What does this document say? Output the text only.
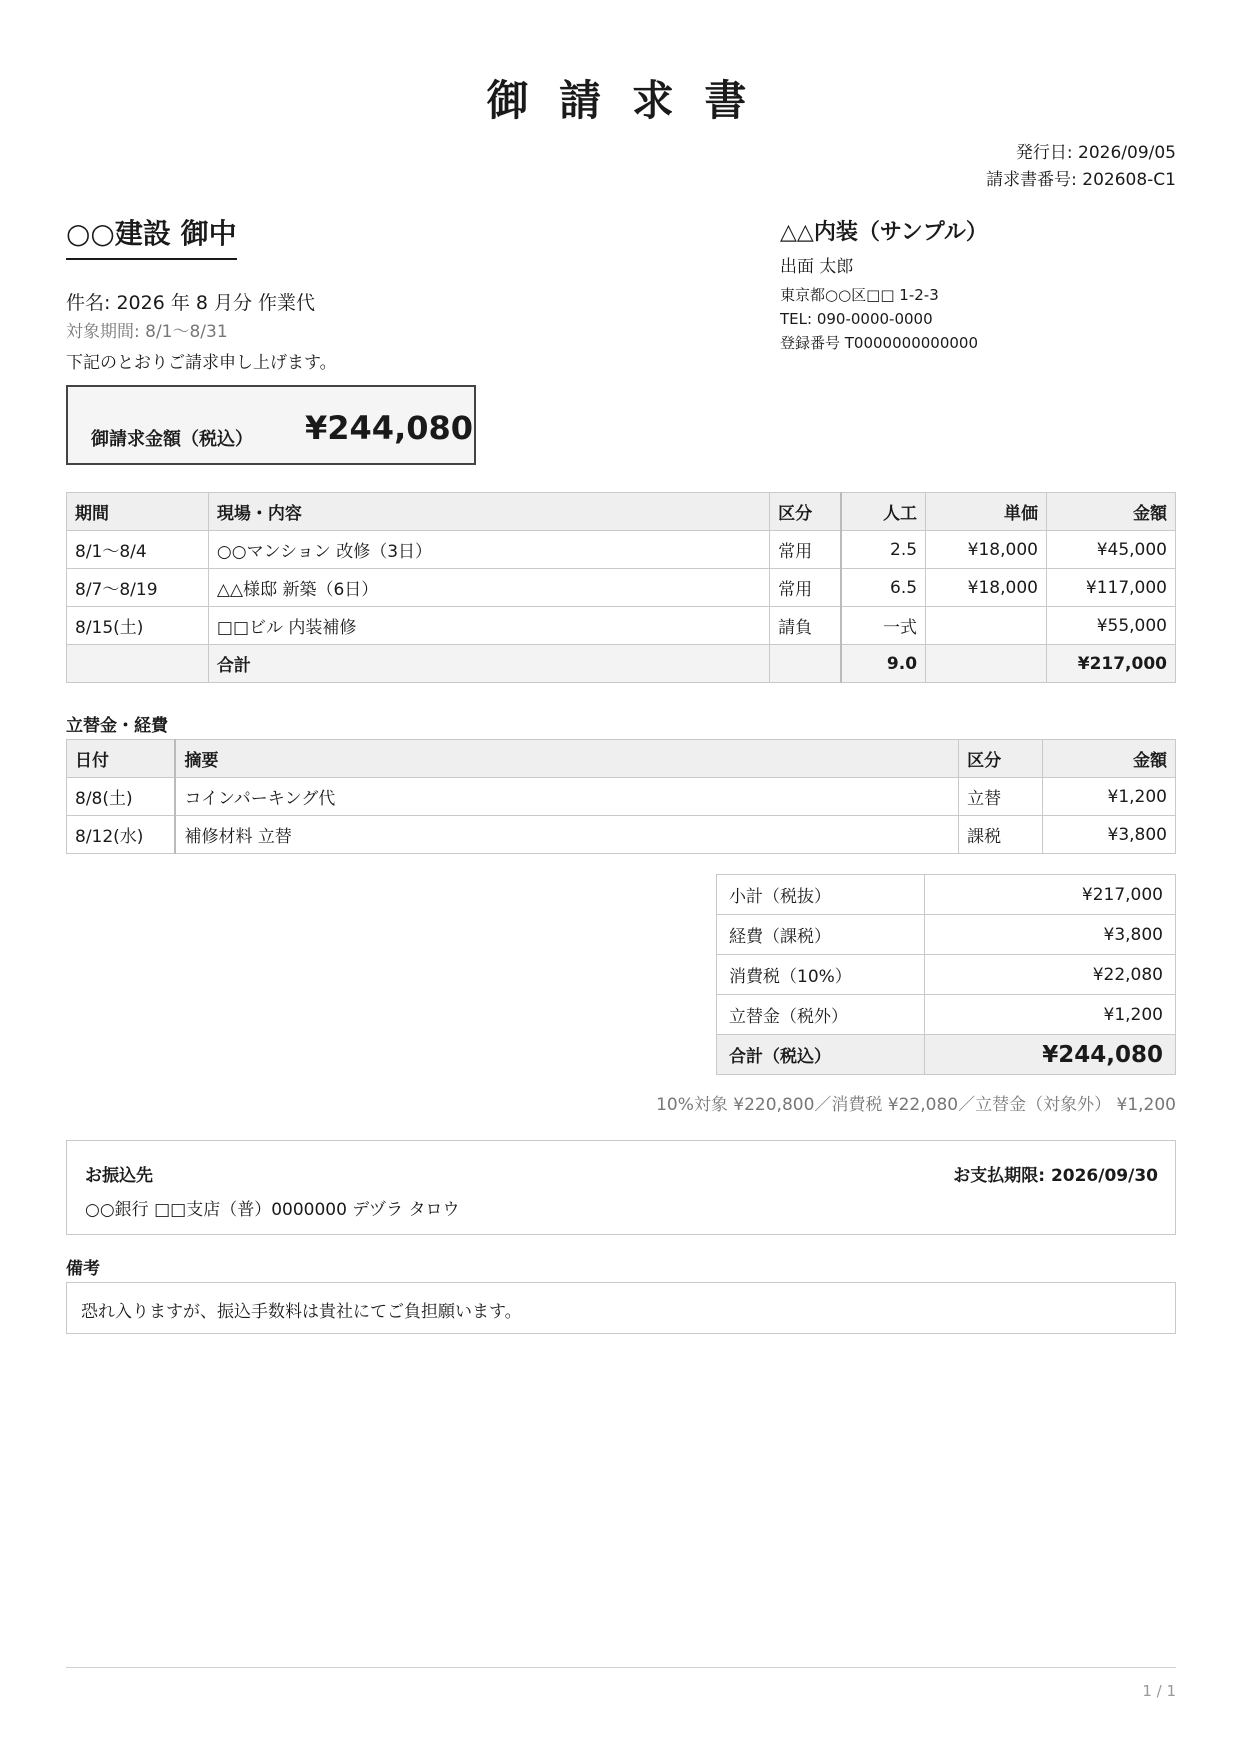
御 請 求 書
発行日: 2026/09/05
請求書番号: 202608-C1
○○建設 御中
件名: 2026 年 8 月分 作業代
対象期間: 8/1〜8/31
下記のとおりご請求申し上げます。
△△内装（サンプル）
出面 太郎
東京都○○区□□ 1-2-3
TEL: 090-0000-0000
登録番号 T0000000000000
御請求金額（税込） ¥244,080
期間	現場・内容	区分	人工	単価	金額
8/1〜8/4	○○マンション 改修（3日）	常用	2.5	¥18,000	¥45,000
8/7〜8/19	△△様邸 新築（6日）	常用	6.5	¥18,000	¥117,000
8/15(土)	□□ビル 内装補修	請負	一式		¥55,000
	合計		9.0		¥217,000
立替金・経費
日付	摘要	区分	金額
8/8(土)	コインパーキング代	立替	¥1,200
8/12(水)	補修材料 立替	課税	¥3,800
小計（税抜）	¥217,000
経費（課税）	¥3,800
消費税（10%）	¥22,080
立替金（税外）	¥1,200
合計（税込）	¥244,080
10%対象 ¥220,800／消費税 ¥22,080／立替金（対象外） ¥1,200
お振込先
○○銀行 □□支店（普）0000000 デヅラ タロウ
お支払期限: 2026/09/30
備考
恐れ入りますが、振込手数料は貴社にてご負担願います。
1 / 1
